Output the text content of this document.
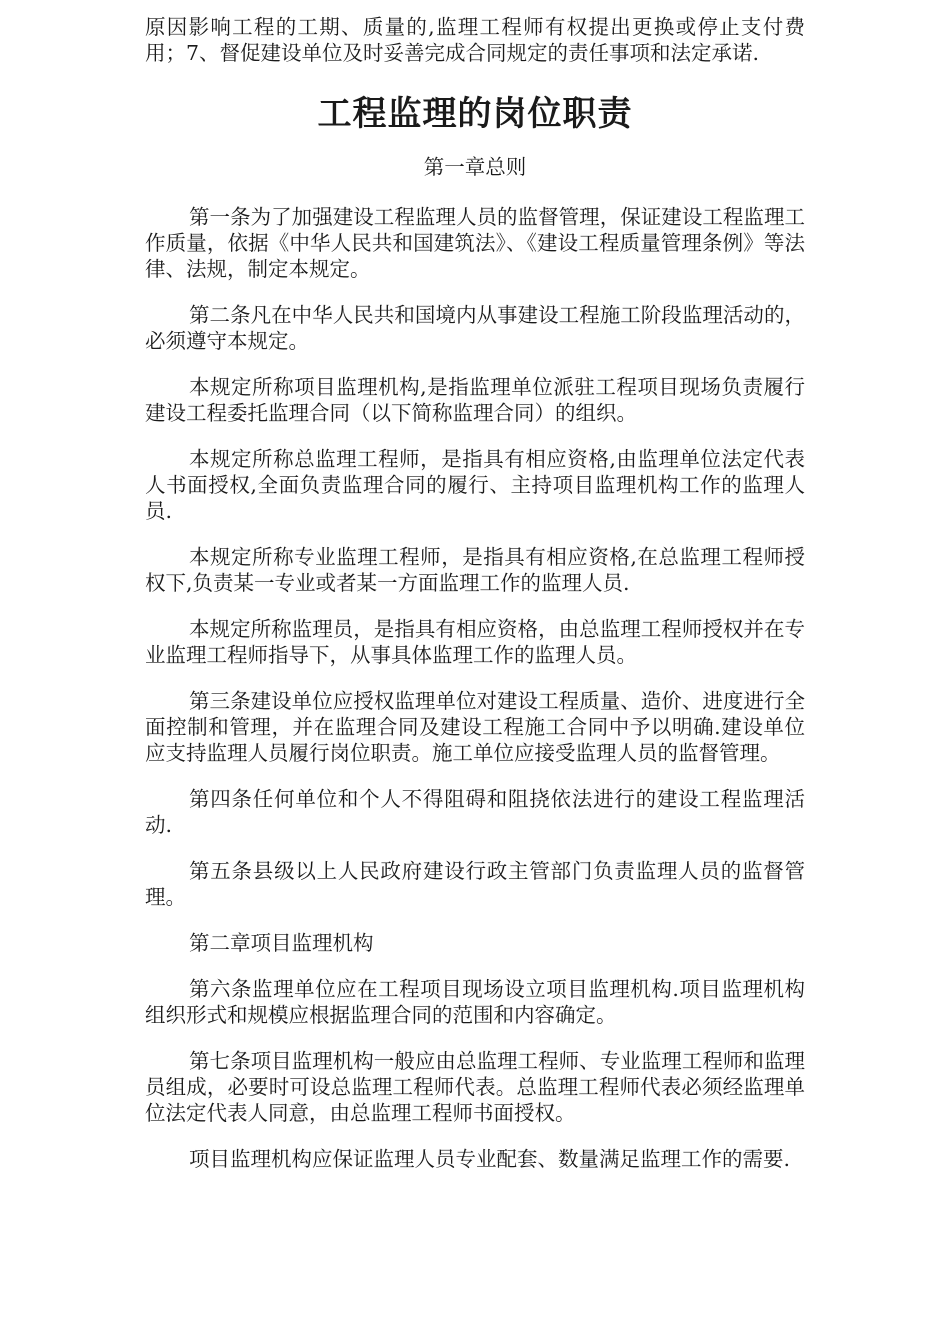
原因影响工程的工期、质量的,监理工程师有权提出更换或停止支付费用；7、督促建设单位及时妥善完成合同规定的责任事项和法定承诺.

工程监理的岗位职责
第一章总则

第一条为了加强建设工程监理人员的监督管理，保证建设工程监理工作质量，依据《中华人民共和国建筑法》、《建设工程质量管理条例》等法律、法规，制定本规定。

第二条凡在中华人民共和国境内从事建设工程施工阶段监理活动的，必须遵守本规定。

本规定所称项目监理机构,是指监理单位派驻工程项目现场负责履行建设工程委托监理合同（以下简称监理合同）的组织。

本规定所称总监理工程师，是指具有相应资格,由监理单位法定代表人书面授权,全面负责监理合同的履行、主持项目监理机构工作的监理人员.

本规定所称专业监理工程师，是指具有相应资格,在总监理工程师授权下,负责某一专业或者某一方面监理工作的监理人员.

本规定所称监理员，是指具有相应资格，由总监理工程师授权并在专业监理工程师指导下，从事具体监理工作的监理人员。

第三条建设单位应授权监理单位对建设工程质量、造价、进度进行全面控制和管理，并在监理合同及建设工程施工合同中予以明确.建设单位应支持监理人员履行岗位职责。施工单位应接受监理人员的监督管理。

第四条任何单位和个人不得阻碍和阻挠依法进行的建设工程监理活动.

第五条县级以上人民政府建设行政主管部门负责监理人员的监督管理。

第二章项目监理机构

第六条监理单位应在工程项目现场设立项目监理机构.项目监理机构组织形式和规模应根据监理合同的范围和内容确定。

第七条项目监理机构一般应由总监理工程师、专业监理工程师和监理员组成，必要时可设总监理工程师代表。总监理工程师代表必须经监理单位法定代表人同意，由总监理工程师书面授权。

项目监理机构应保证监理人员专业配套、数量满足监理工作的需要.
